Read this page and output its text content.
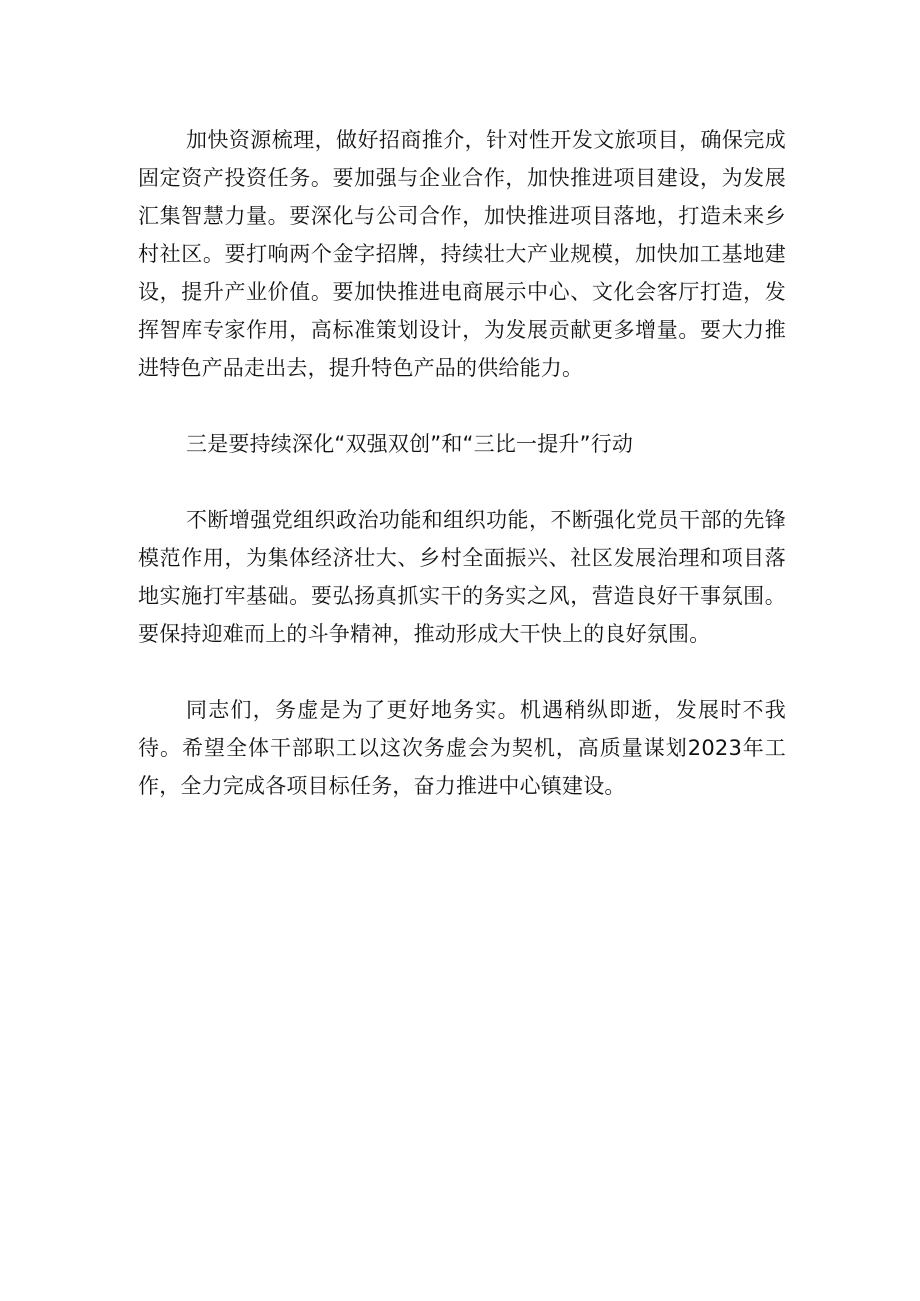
加快资源梳理，做好招商推介，针对性开发文旅项目，确保完成固定资产投资任务。要加强与企业合作，加快推进项目建设，为发展汇集智慧力量。要深化与公司合作，加快推进项目落地，打造未来乡村社区。要打响两个金字招牌，持续壮大产业规模，加快加工基地建设，提升产业价值。要加快推进电商展示中心、文化会客厅打造，发挥智库专家作用，高标准策划设计，为发展贡献更多增量。要大力推进特色产品走出去，提升特色产品的供给能力。

三是要持续深化“双强双创”和“三比一提升”行动

不断增强党组织政治功能和组织功能，不断强化党员干部的先锋模范作用，为集体经济壮大、乡村全面振兴、社区发展治理和项目落地实施打牢基础。要弘扬真抓实干的务实之风，营造良好干事氛围。要保持迎难而上的斗争精神，推动形成大干快上的良好氛围。

同志们，务虚是为了更好地务实。机遇稍纵即逝，发展时不我待。希望全体干部职工以这次务虚会为契机，高质量谋划2023年工作，全力完成各项目标任务，奋力推进中心镇建设。
